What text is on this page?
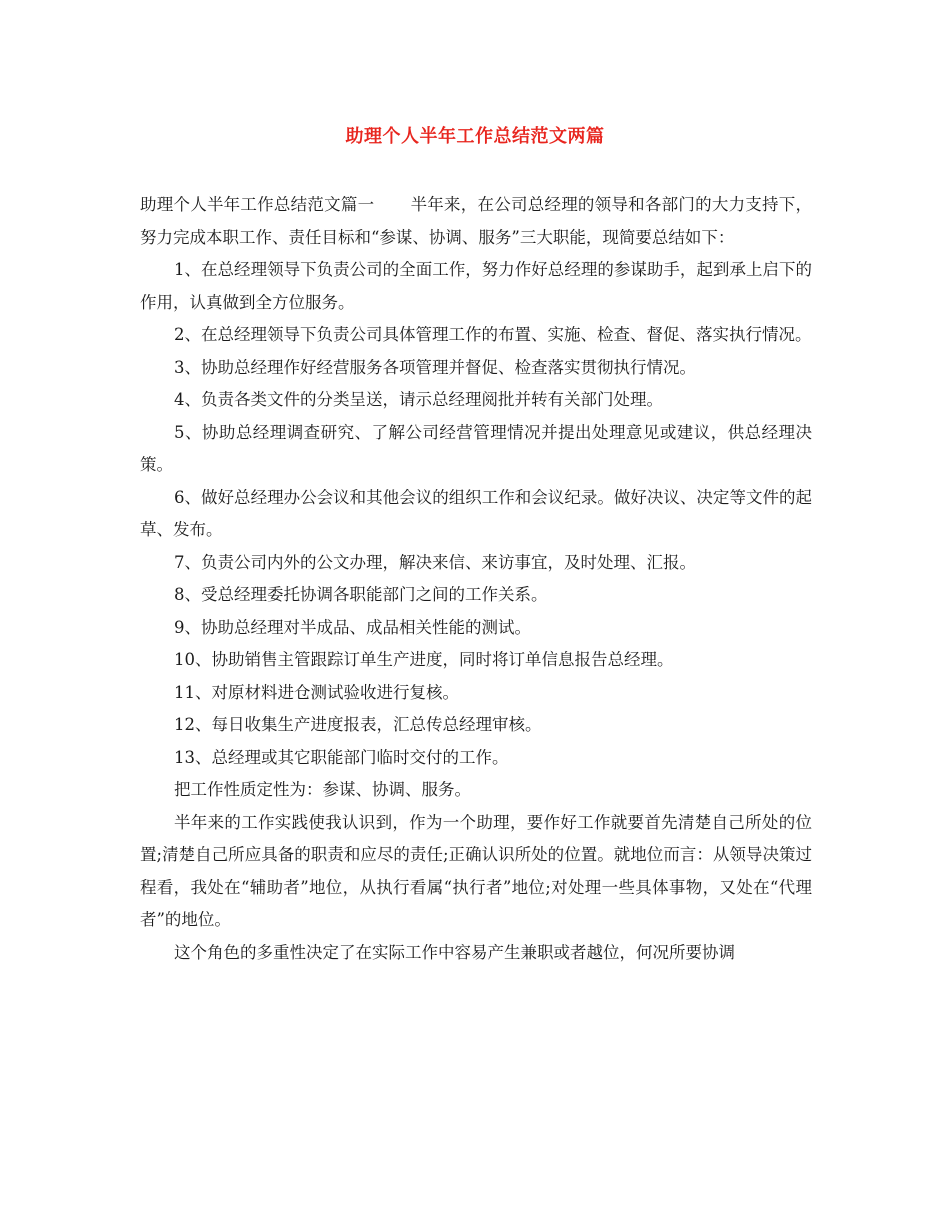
助理个人半年工作总结范文两篇

助理个人半年工作总结范文篇一 半年来，在公司总经理的领导和各部门的大力支持下，努力完成本职工作、责任目标和“参谋、协调、服务”三大职能，现简要总结如下：

1、在总经理领导下负责公司的全面工作，努力作好总经理的参谋助手，起到承上启下的作用，认真做到全方位服务。

2、在总经理领导下负责公司具体管理工作的布置、实施、检查、督促、落实执行情况。

3、协助总经理作好经营服务各项管理并督促、检查落实贯彻执行情况。

4、负责各类文件的分类呈送，请示总经理阅批并转有关部门处理。

5、协助总经理调查研究、了解公司经营管理情况并提出处理意见或建议，供总经理决策。

6、做好总经理办公会议和其他会议的组织工作和会议纪录。做好决议、决定等文件的起草、发布。

7、负责公司内外的公文办理，解决来信、来访事宜，及时处理、汇报。

8、受总经理委托协调各职能部门之间的工作关系。

9、协助总经理对半成品、成品相关性能的测试。

10、协助销售主管跟踪订单生产进度，同时将订单信息报告总经理。

11、对原材料进仓测试验收进行复核。

12、每日收集生产进度报表，汇总传总经理审核。

13、总经理或其它职能部门临时交付的工作。

把工作性质定性为：参谋、协调、服务。

半年来的工作实践使我认识到，作为一个助理，要作好工作就要首先清楚自己所处的位置;清楚自己所应具备的职责和应尽的责任;正确认识所处的位置。就地位而言：从领导决策过程看，我处在“辅助者”地位，从执行看属“执行者”地位;对处理一些具体事物，又处在“代理者”的地位。

这个角色的多重性决定了在实际工作中容易产生兼职或者越位，何况所要协调
